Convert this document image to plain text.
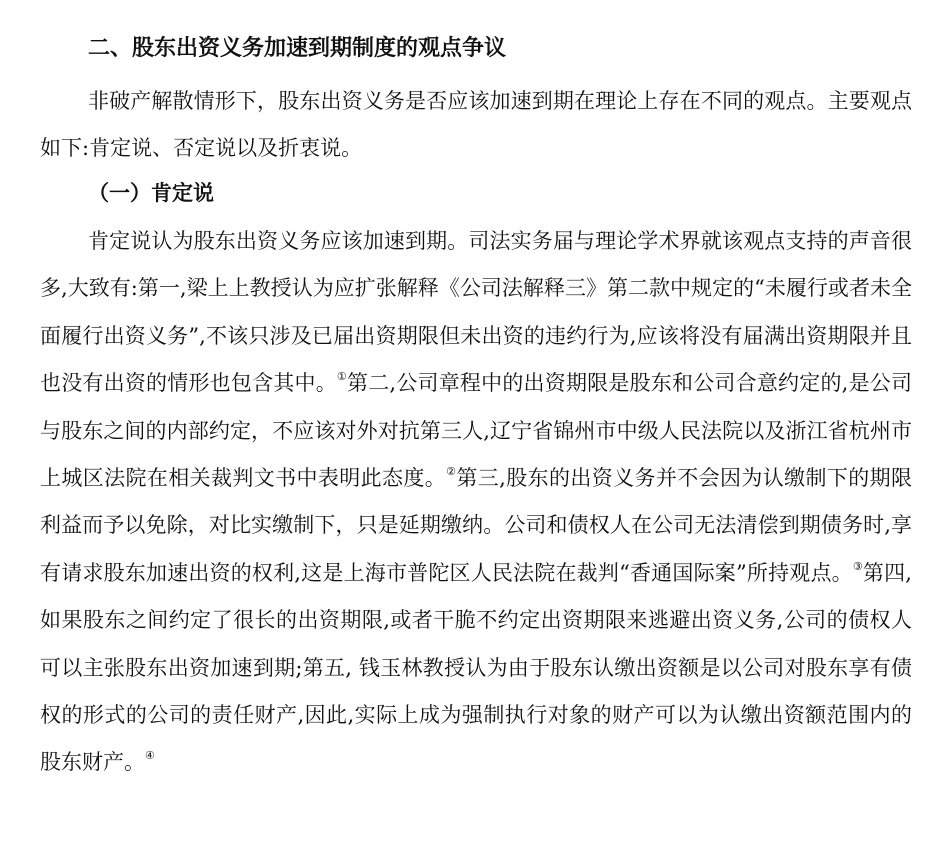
二、股东出资义务加速到期制度的观点争议

非破产解散情形下，股东出资义务是否应该加速到期在理论上存在不同的观点。主要观点如下:肯定说、否定说以及折衷说。

（一）肯定说

肯定说认为股东出资义务应该加速到期。司法实务届与理论学术界就该观点支持的声音很多,大致有:第一,梁上上教授认为应扩张解释《公司法解释三》第二款中规定的“未履行或者未全面履行出资义务”,不该只涉及已届出资期限但未出资的违约行为,应该将没有届满出资期限并且也没有出资的情形也包含其中。①第二,公司章程中的出资期限是股东和公司合意约定的,是公司与股东之间的内部约定，不应该对外对抗第三人,辽宁省锦州市中级人民法院以及浙江省杭州市上城区法院在相关裁判文书中表明此态度。②第三,股东的出资义务并不会因为认缴制下的期限利益而予以免除，对比实缴制下，只是延期缴纳。公司和债权人在公司无法清偿到期债务时,享有请求股东加速出资的权利,这是上海市普陀区人民法院在裁判“香通国际案”所持观点。③第四,如果股东之间约定了很长的出资期限,或者干脆不约定出资期限来逃避出资义务,公司的债权人可以主张股东出资加速到期;第五, 钱玉林教授认为由于股东认缴出资额是以公司对股东享有债权的形式的公司的责任财产,因此,实际上成为强制执行对象的财产可以为认缴出资额范围内的股东财产。④
